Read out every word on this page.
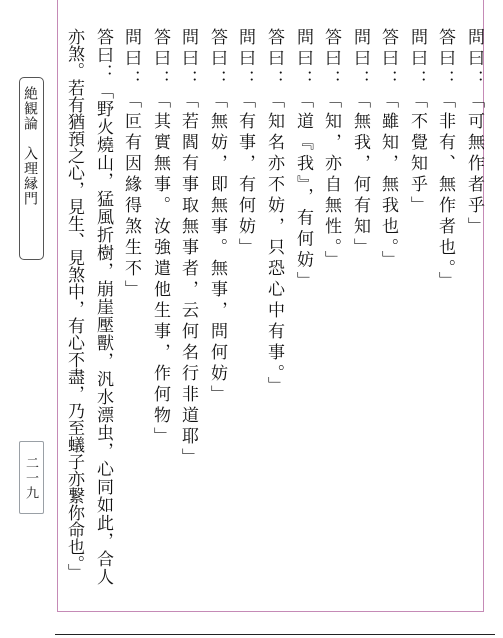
絶観論　入理縁門
二一九
問曰：「可無作者乎」
答曰：「非有、無作者也。」
問曰：「不覺知乎」
答曰：「雖知，無我也。」
問曰：「無我，何有知」
答曰：「知，亦自無性。」
問曰：「道『我』，有何妨」
答曰：「知名亦不妨，只恐心中有事。」
問曰：「有事，有何妨」
答曰：「無妨，即無事。無事，問何妨」
問曰：「若閻有事取無事者，云何名行非道耶」
答曰：「其實無事。汝強遣他生事，作何物」
問曰：「叵有因緣得煞生不」
答曰：「野火燒山，猛風折樹，崩崖壓獸，汎水漂虫，心同如此，合人
亦煞。若有猶預之心，見生、見煞中，有心不盡，乃至蟻子亦繋你命也。」
